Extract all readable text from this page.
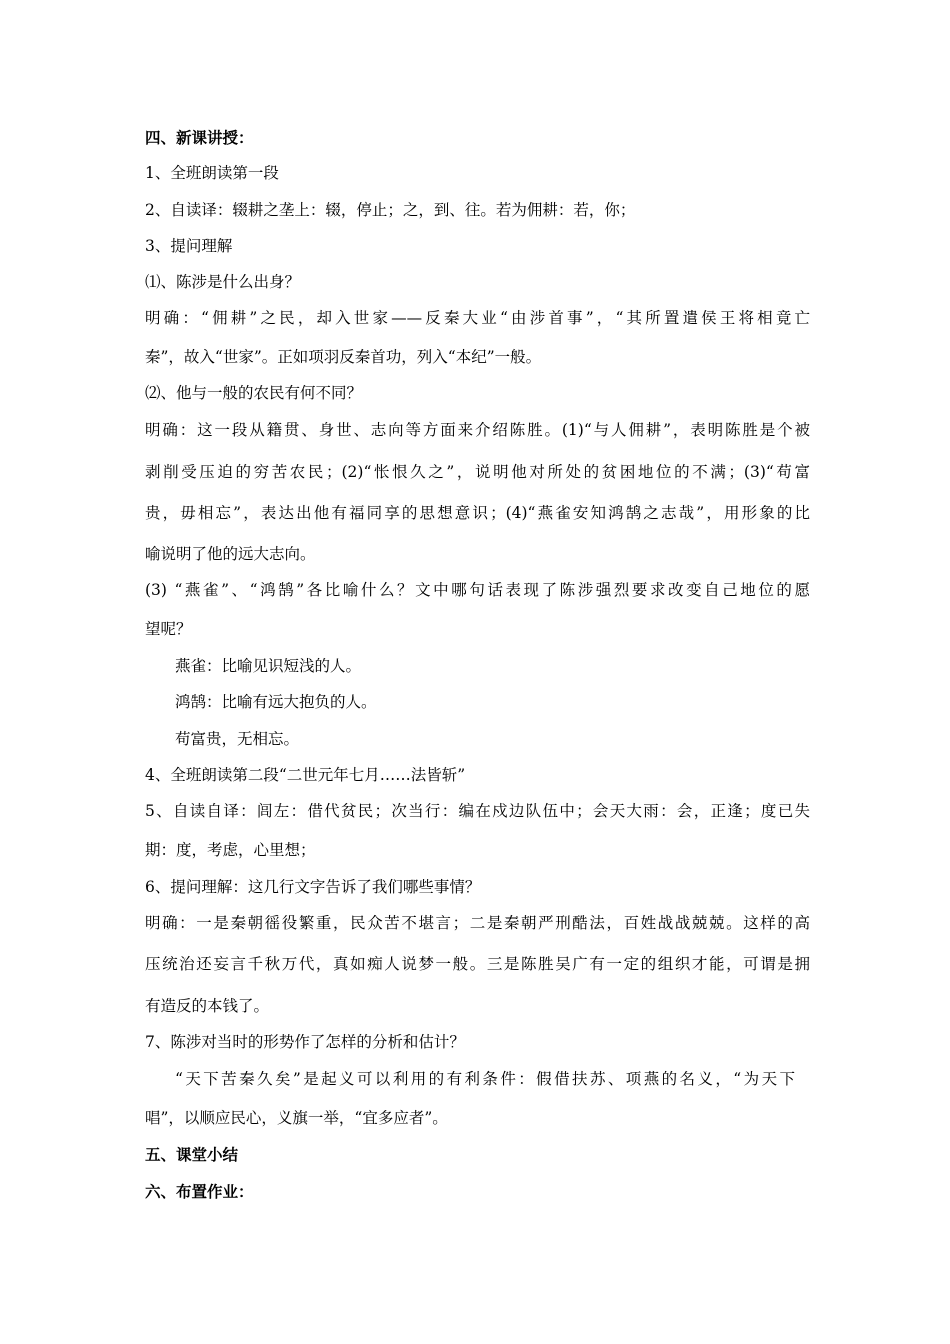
四、新课讲授：
1、全班朗读第一段
2、自读译：辍耕之垄上：辍，停止；之，到、往。若为佣耕：若，你；
3、提问理解
⑴、陈涉是什么出身？
明确：“佣耕”之民，却入世家——反秦大业“由涉首事”，“其所置遣侯王将相竟亡
秦”，故入“世家”。正如项羽反秦首功，列入“本纪”一般。
⑵、他与一般的农民有何不同？
明确：这一段从籍贯、身世、志向等方面来介绍陈胜。(1)“与人佣耕”，表明陈胜是个被
剥削受压迫的穷苦农民；(2)“怅恨久之”，说明他对所处的贫困地位的不满；(3)“苟富
贵，毋相忘”，表达出他有福同享的思想意识；(4)“燕雀安知鸿鹄之志哉”，用形象的比
喻说明了他的远大志向。
(3) “燕雀”、“鸿鹄”各比喻什么？文中哪句话表现了陈涉强烈要求改变自己地位的愿
望呢？
燕雀：比喻见识短浅的人。
鸿鹄：比喻有远大抱负的人。
苟富贵，无相忘。
4、全班朗读第二段“二世元年七月……法皆斩”
5、自读自译：闾左：借代贫民；次当行：编在戍边队伍中；会天大雨：会，正逢；度已失
期：度，考虑，心里想；
6、提问理解：这几行文字告诉了我们哪些事情？
明确：一是秦朝徭役繁重，民众苦不堪言；二是秦朝严刑酷法，百姓战战兢兢。这样的高
压统治还妄言千秋万代，真如痴人说梦一般。三是陈胜吴广有一定的组织才能，可谓是拥
有造反的本钱了。
7、陈涉对当时的形势作了怎样的分析和估计？
“天下苦秦久矣”是起义可以利用的有利条件：假借扶苏、项燕的名义，“为天下
唱”，以顺应民心，义旗一举，“宜多应者”。
五、课堂小结
六、布置作业：
